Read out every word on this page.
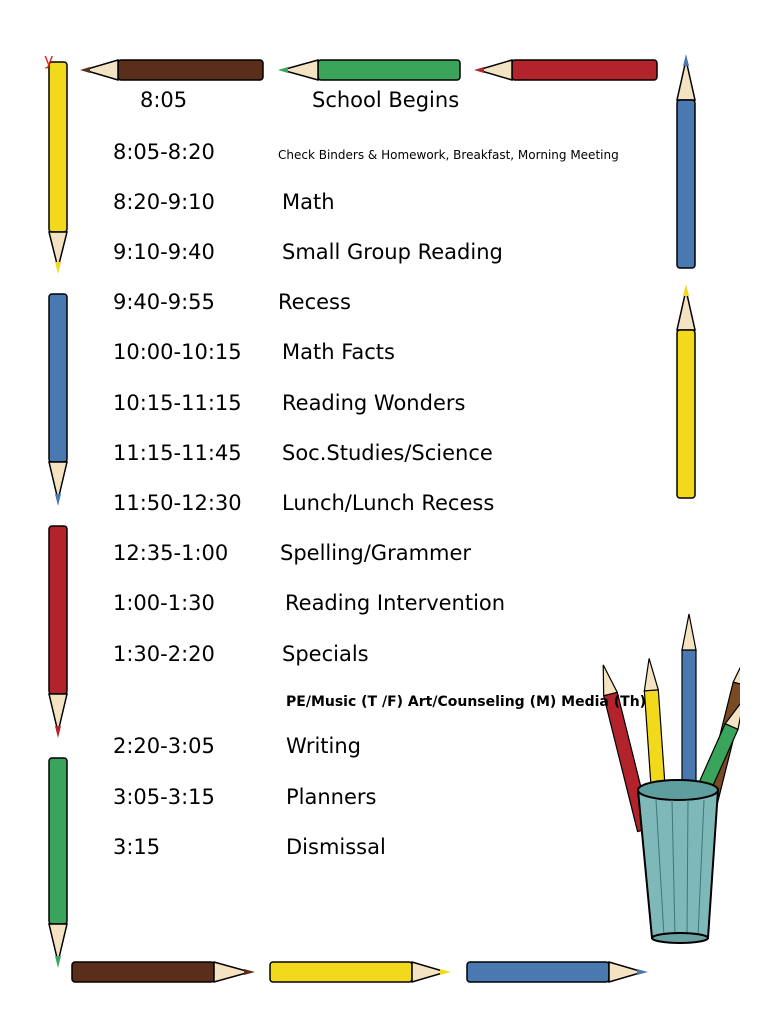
y
8:05	School Begins
8:05-8:20	Check Binders & Homework, Breakfast, Morning Meeting
8:20-9:10	Math
9:10-9:40	Small Group Reading
9:40-9:55	Recess
10:00-10:15 Math Facts
10:15-11:15 Reading Wonders
11:15-11:45 Soc.Studies/Science
11:50-12:30 Lunch/Lunch Recess
12:35-1:00 Spelling/Grammer
1:00-1:30	Reading Intervention
1:30-2:20	Specials
PE/Music (T /F) Art/Counseling (M) Media (Th)
2:20-3:05	Writing
3:05-3:15	Planners
3:15	Dismissal
